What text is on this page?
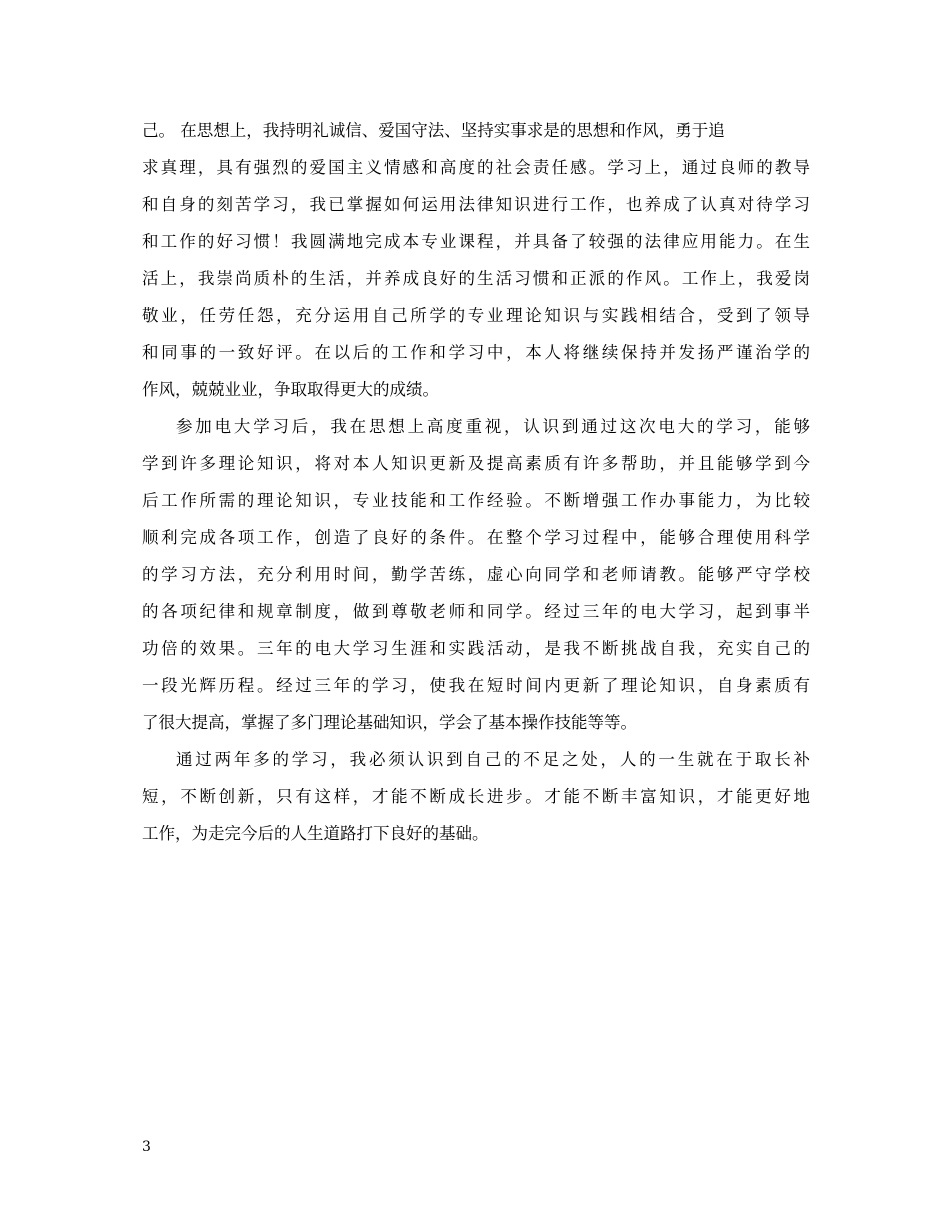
己。 在思想上，我持明礼诚信、爱国守法、坚持实事求是的思想和作风，勇于追
求真理，具有强烈的爱国主义情感和高度的社会责任感。学习上，通过良师的教导
和自身的刻苦学习，我已掌握如何运用法律知识进行工作，也养成了认真对待学习
和工作的好习惯！我圆满地完成本专业课程，并具备了较强的法律应用能力。在生
活上，我崇尚质朴的生活，并养成良好的生活习惯和正派的作风。工作上，我爱岗
敬业，任劳任怨，充分运用自己所学的专业理论知识与实践相结合，受到了领导
和同事的一致好评。在以后的工作和学习中，本人将继续保持并发扬严谨治学的
作风，兢兢业业，争取取得更大的成绩。
参加电大学习后，我在思想上高度重视，认识到通过这次电大的学习，能够
学到许多理论知识，将对本人知识更新及提高素质有许多帮助，并且能够学到今
后工作所需的理论知识，专业技能和工作经验。不断增强工作办事能力，为比较
顺利完成各项工作，创造了良好的条件。在整个学习过程中，能够合理使用科学
的学习方法，充分利用时间，勤学苦练，虚心向同学和老师请教。能够严守学校
的各项纪律和规章制度，做到尊敬老师和同学。经过三年的电大学习，起到事半
功倍的效果。三年的电大学习生涯和实践活动，是我不断挑战自我，充实自己的
一段光辉历程。经过三年的学习，使我在短时间内更新了理论知识，自身素质有
了很大提高，掌握了多门理论基础知识，学会了基本操作技能等等。
通过两年多的学习，我必须认识到自己的不足之处，人的一生就在于取长补
短，不断创新，只有这样，才能不断成长进步。才能不断丰富知识，才能更好地
工作，为走完今后的人生道路打下良好的基础。
3
